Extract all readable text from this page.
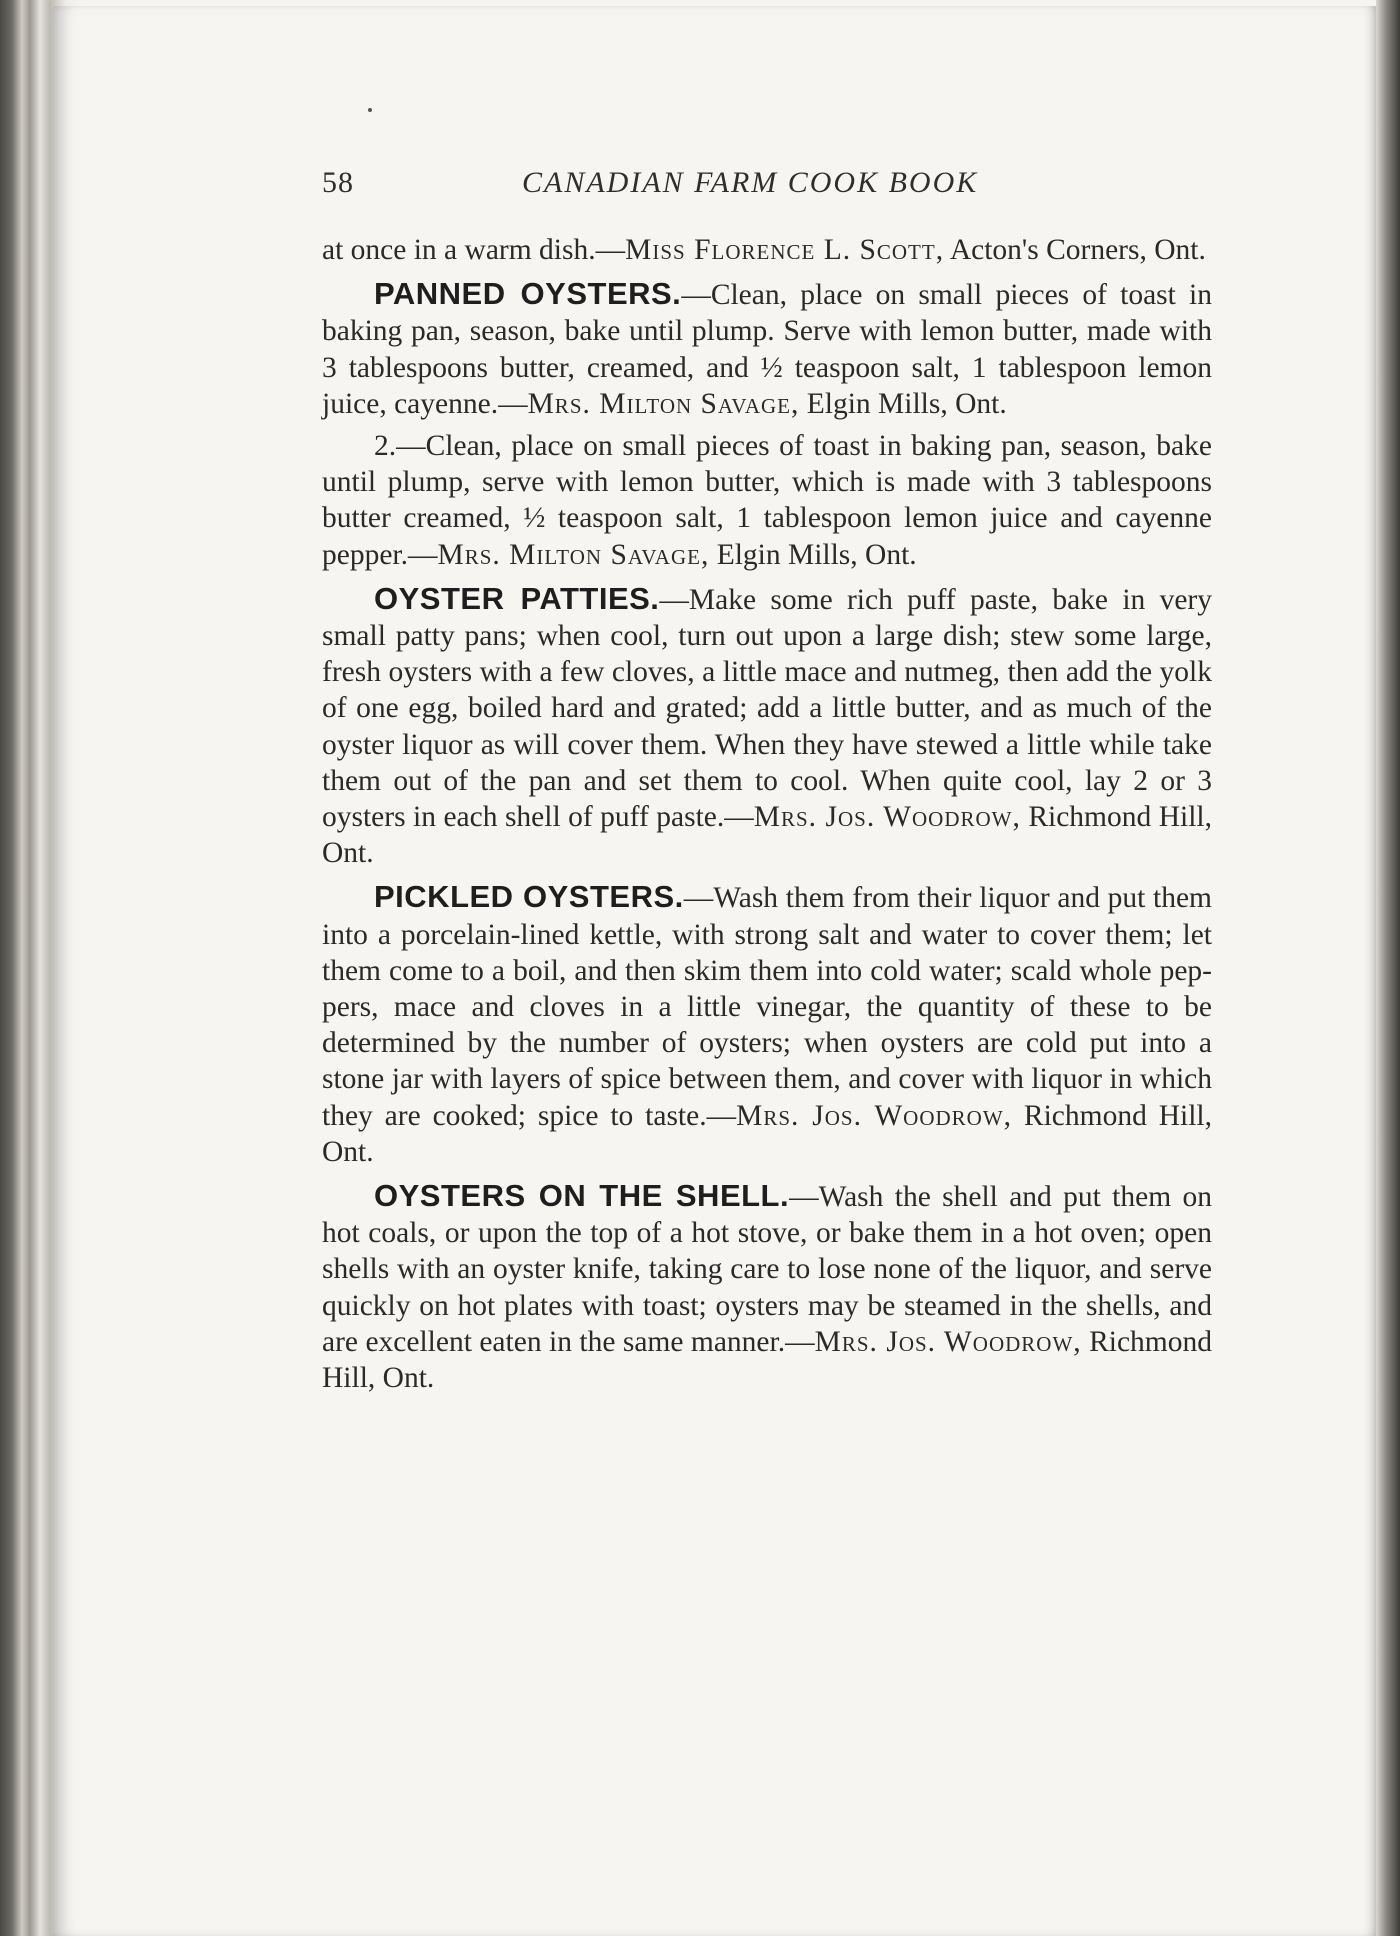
58	CANADIAN FARM COOK BOOK

at once in a warm dish.—Miss Florence L. Scott, Acton's Corners, Ont.

PANNED OYSTERS.—Clean, place on small pieces of toast in baking pan, season, bake until plump. Serve with lemon butter, made with 3 tablespoons butter, creamed, and ½ teaspoon salt, 1 tablespoon lemon juice, cayenne.—Mrs. Milton Savage, Elgin Mills, Ont.

2.—Clean, place on small pieces of toast in baking pan, season, bake until plump, serve with lemon butter, which is made with 3 tablespoons butter creamed, ½ teaspoon salt, 1 tablespoon lemon juice and cayenne pepper.—Mrs. Milton Savage, Elgin Mills, Ont.

OYSTER PATTIES.—Make some rich puff paste, bake in very small patty pans; when cool, turn out upon a large dish; stew some large, fresh oysters with a few cloves, a little mace and nutmeg, then add the yolk of one egg, boiled hard and grated; add a little butter, and as much of the oyster liquor as will cover them. When they have stewed a little while take them out of the pan and set them to cool. When quite cool, lay 2 or 3 oysters in each shell of puff paste.—Mrs. Jos. Woodrow, Richmond Hill, Ont.

PICKLED OYSTERS.—Wash them from their liquor and put them into a porcelain-lined kettle, with strong salt and water to cover them; let them come to a boil, and then skim them into cold water; scald whole peppers, mace and cloves in a little vinegar, the quantity of these to be determined by the number of oysters; when oysters are cold put into a stone jar with layers of spice between them, and cover with liquor in which they are cooked; spice to taste.—Mrs. Jos. Woodrow, Richmond Hill, Ont.

OYSTERS ON THE SHELL.—Wash the shell and put them on hot coals, or upon the top of a hot stove, or bake them in a hot oven; open shells with an oyster knife, taking care to lose none of the liquor, and serve quickly on hot plates with toast; oysters may be steamed in the shells, and are excellent eaten in the same manner.—Mrs. Jos. Woodrow, Richmond Hill, Ont.
